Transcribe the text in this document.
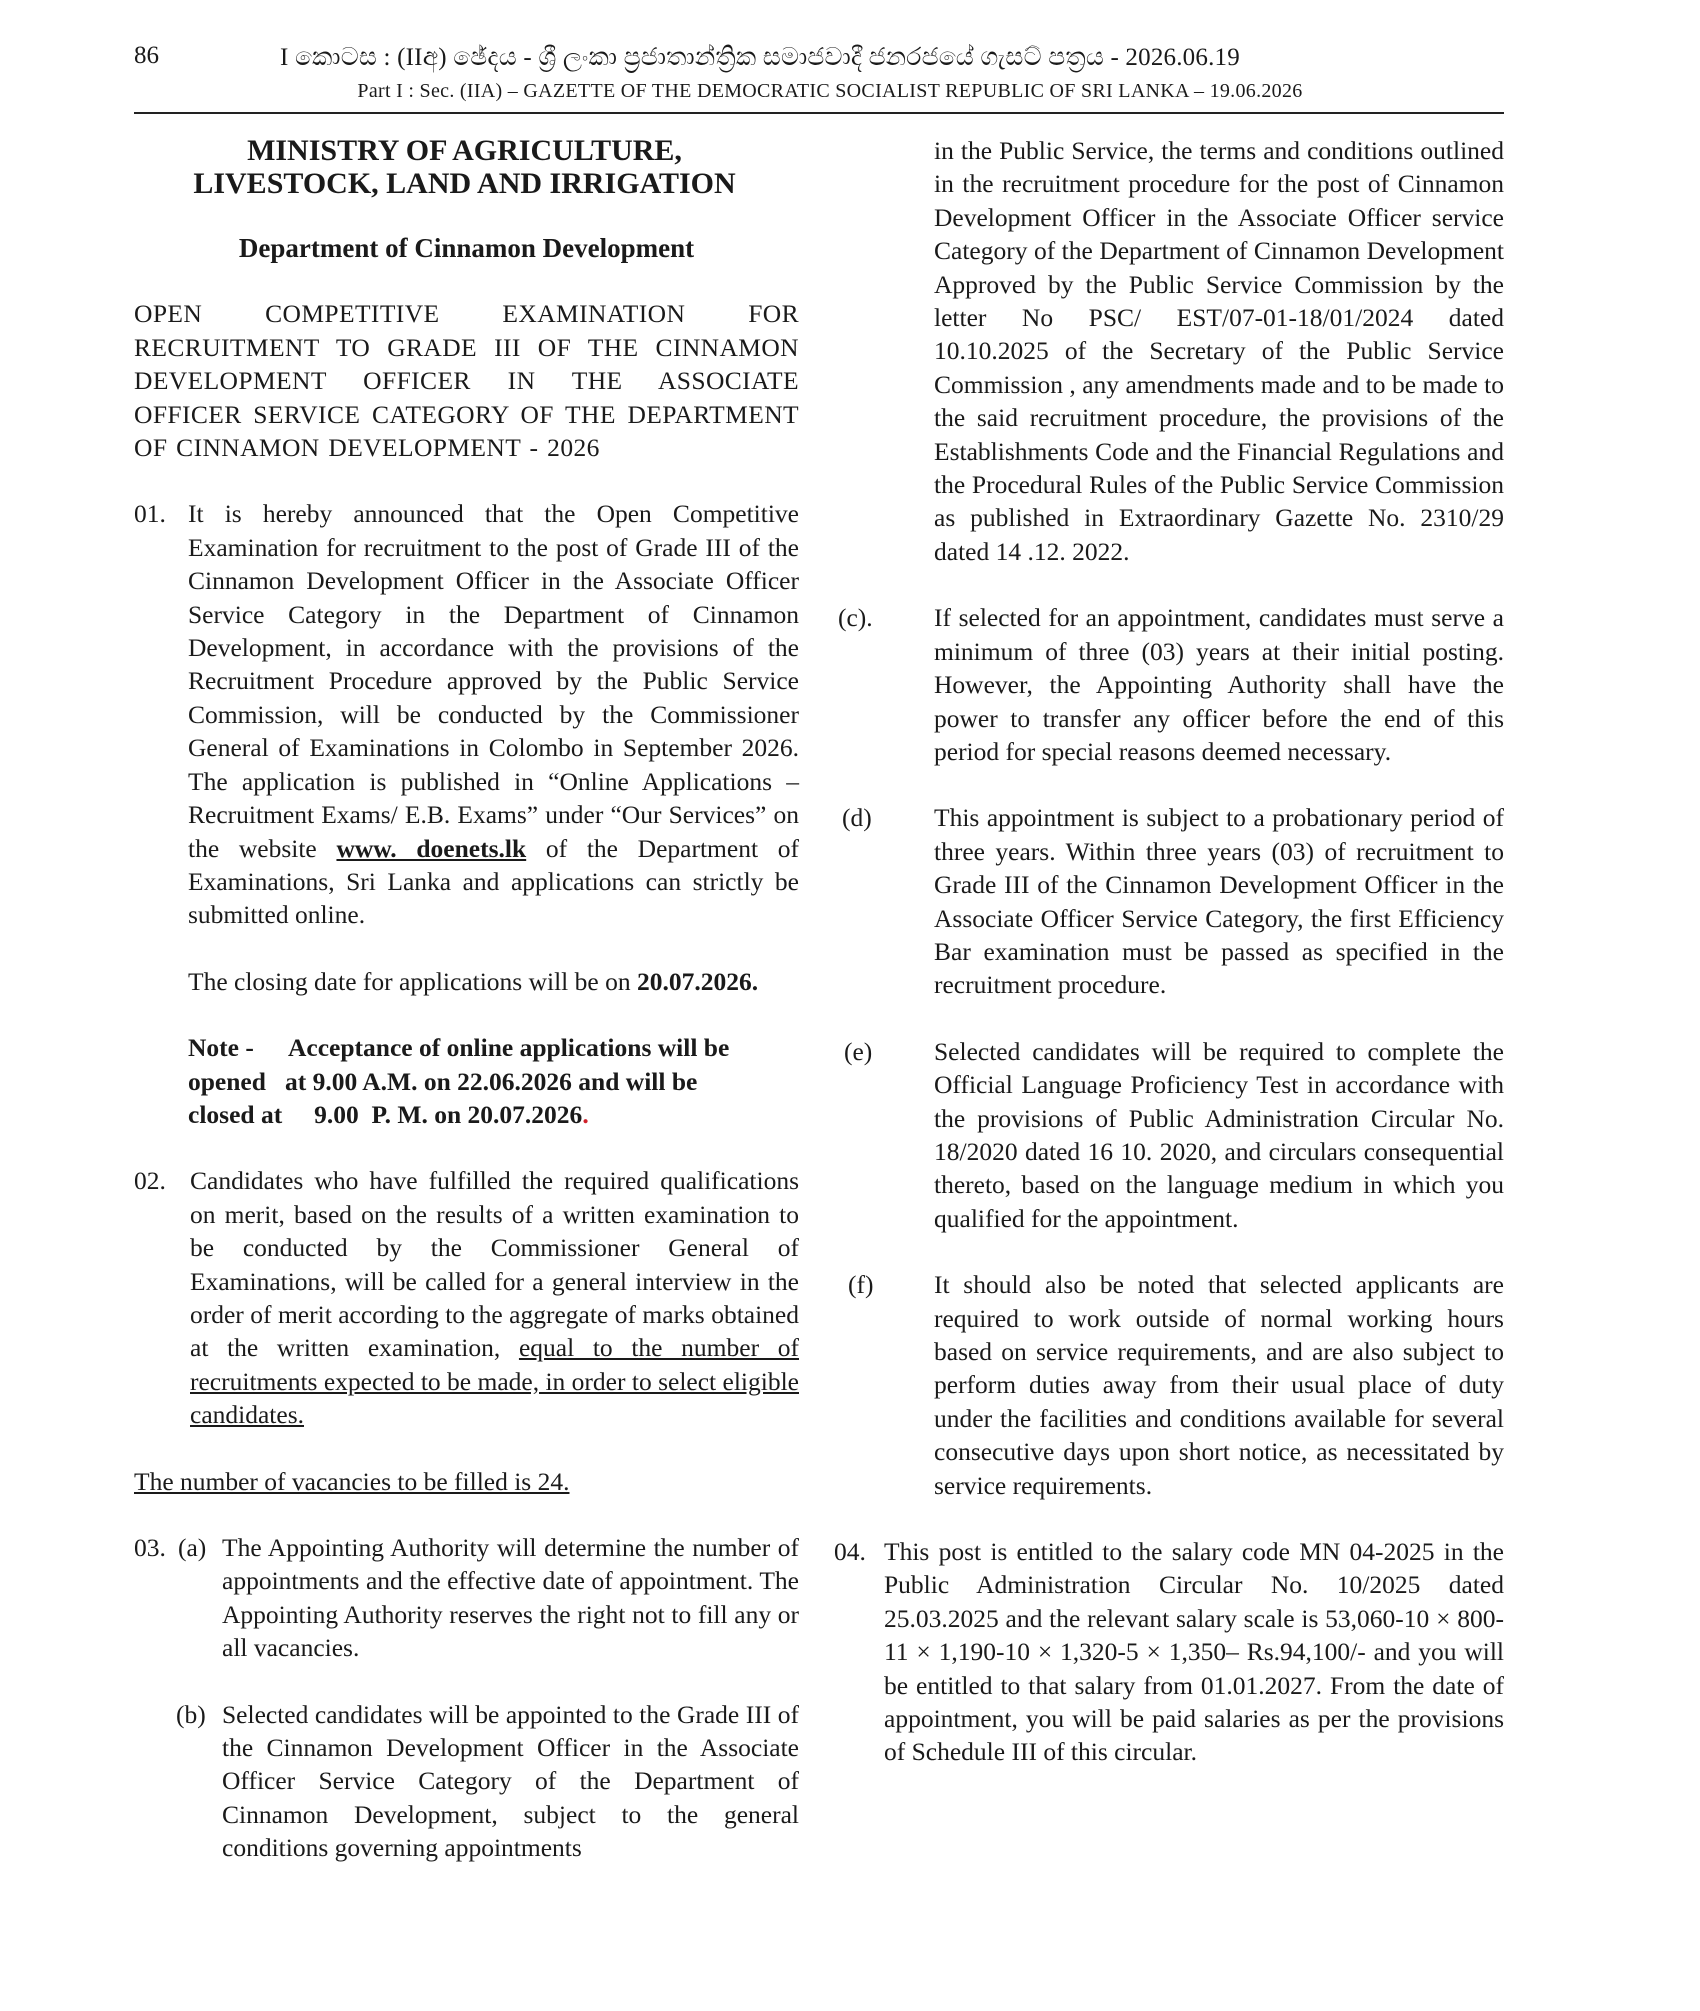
86	I කොටස : (IIඅ) ඡේදය - ශ්‍රී ලංකා ප්‍රජාතාන්ත්‍රික සමාජවාදී ජනරජයේ ගැසට් පත්‍රය - 2026.06.19
Part I : Sec. (IIA) – GAZETTE OF THE DEMOCRATIC SOCIALIST REPUBLIC OF SRI LANKA – 19.06.2026

MINISTRY OF AGRICULTURE,
LIVESTOCK, LAND AND IRRIGATION

Department of Cinnamon Development

OPEN COMPETITIVE EXAMINATION FOR RECRUITMENT TO GRADE III OF THE CINNAMON DEVELOPMENT OFFICER IN THE ASSOCIATE OFFICER SERVICE CATEGORY OF THE DEPARTMENT OF CINNAMON DEVELOPMENT - 2026

01. It is hereby announced that the Open Competitive Examination for recruitment to the post of Grade III of the Cinnamon Development Officer in the Associate Officer Service Category in the Department of Cinnamon Development, in accordance with the provisions of the Recruitment Procedure approved by the Public Service Commission, will be conducted by the Commissioner General of Examinations in Colombo in September 2026. The application is published in “Online Applications – Recruitment Exams/ E.B. Exams” under “Our Services” on the website www. doenets.lk of the Department of Examinations, Sri Lanka and applications can strictly be submitted online.

The closing date for applications will be on 20.07.2026.

Note -	Acceptance of online applications will be
opened   at 9.00 A.M. on 22.06.2026 and will be
closed at     9.00  P. M. on 20.07.2026.
02. Candidates who have fulfilled the required qualifications on merit, based on the results of a written examination to be conducted by the Commissioner General of Examinations, will be called for a general interview in the order of merit according to the aggregate of marks obtained at the written examination, equal to the number of recruitments expected to be made, in order to select eligible candidates.

The number of vacancies to be filled is 24.

03. (a) The Appointing Authority will determine the number of appointments and the effective date of appointment. The Appointing Authority reserves the right not to fill any or all vacancies.
(b) Selected candidates will be appointed to the Grade III of the Cinnamon Development Officer in the Associate Officer Service Category of the Department of Cinnamon Development, subject to the general conditions governing appointments
in the Public Service, the terms and conditions outlined in the recruitment procedure for the post of Cinnamon Development Officer in the Associate Officer service Category of the Department of Cinnamon Development Approved by the Public Service Commission by the letter No PSC/ EST/07-01-18/01/2024 dated 10.10.2025 of the Secretary of the Public Service Commission , any amendments made and to be made to the said recruitment procedure, the provisions of the Establishments Code and the Financial Regulations and the Procedural Rules of the Public Service Commission as published in Extraordinary Gazette No. 2310/29 dated 14 .12. 2022.
(c).	If selected for an appointment, candidates must serve a minimum of three (03) years at their initial posting. However, the Appointing Authority shall have the power to transfer any officer before the end of this period for special reasons deemed necessary.
(d)	This appointment is subject to a probationary period of three years. Within three years (03) of recruitment to Grade III of the Cinnamon Development Officer in the Associate Officer Service Category, the first Efficiency Bar examination must be passed as specified in the recruitment procedure.
(e)	Selected candidates will be required to complete the Official Language Proficiency Test in accordance with the provisions of Public Administration Circular No. 18/2020 dated 16 10. 2020, and circulars consequential thereto, based on the language medium in which you qualified for the appointment.
(f)	It should also be noted that selected applicants are required to work outside of normal working hours based on service requirements, and are also subject to perform duties away from their usual place of duty under the facilities and conditions available for several consecutive days upon short notice, as necessitated by service requirements.
04. This post is entitled to the salary code MN 04-2025 in the Public Administration Circular No. 10/2025 dated 25.03.2025 and the relevant salary scale is 53,060-10 × 800-11 × 1,190-10 × 1,320-5 × 1,350– Rs.94,100/- and you will be entitled to that salary from 01.01.2027. From the date of appointment, you will be paid salaries as per the provisions of Schedule III of this circular.
